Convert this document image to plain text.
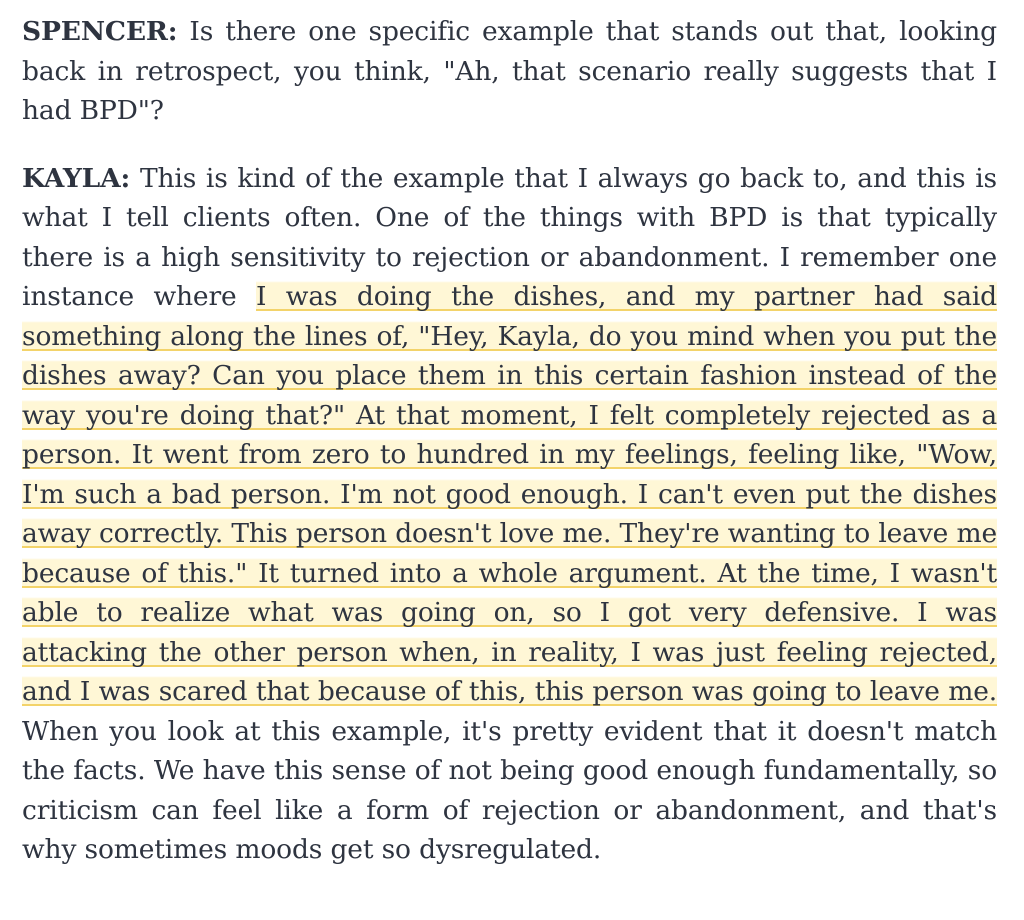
SPENCER: Is there one specific example that stands out that, looking back in retrospect, you think, "Ah, that scenario really suggests that I had BPD"?

KAYLA: This is kind of the example that I always go back to, and this is what I tell clients often. One of the things with BPD is that typically there is a high sensitivity to rejection or abandonment. I remember one instance where I was doing the dishes, and my partner had said something along the lines of, "Hey, Kayla, do you mind when you put the dishes away? Can you place them in this certain fashion instead of the way you're doing that?" At that moment, I felt completely rejected as a person. It went from zero to hundred in my feelings, feeling like, "Wow, I'm such a bad person. I'm not good enough. I can't even put the dishes away correctly. This person doesn't love me. They're wanting to leave me because of this." It turned into a whole argument. At the time, I wasn't able to realize what was going on, so I got very defensive. I was attacking the other person when, in reality, I was just feeling rejected, and I was scared that because of this, this person was going to leave me. When you look at this example, it's pretty evident that it doesn't match the facts. We have this sense of not being good enough fundamentally, so criticism can feel like a form of rejection or abandonment, and that's why sometimes moods get so dysregulated.
